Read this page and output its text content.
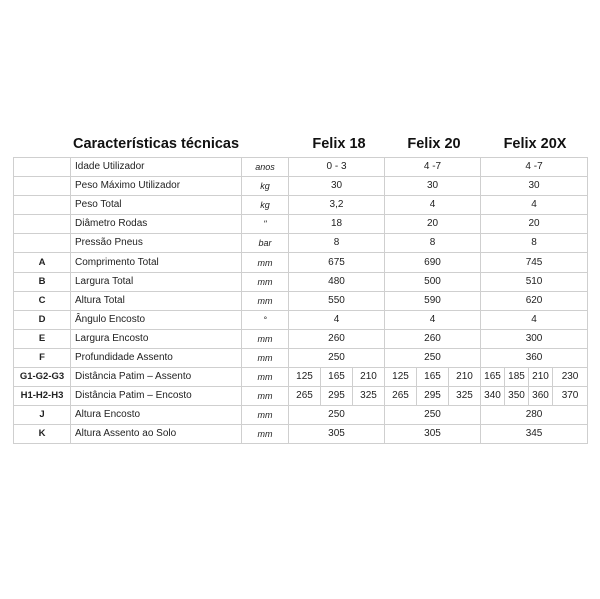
Características técnicas	Felix 18	Felix 20	Felix 20X
	Idade Utilizador	anos	0 - 3			4 -7			4 -7			
	Peso Máximo Utilizador	kg	30			30			30			
	Peso Total	kg	3,2			4			4			
	Diâmetro Rodas	"	18			20			20			
	Pressão Pneus	bar	8			8			8			
A	Comprimento Total	mm	675			690			745			
B	Largura Total	mm	480			500			510			
C	Altura Total	mm	550			590			620			
D	Ângulo Encosto	°	4			4			4			
E	Largura Encosto	mm	260			260			300			
F	Profundidade Assento	mm	250			250			360			
G1-G2-G3	Distância Patim – Assento	mm	125	165	210	125	165	210	165	185	210	230
H1-H2-H3	Distância Patim – Encosto	mm	265	295	325	265	295	325	340	350	360	370
J	Altura Encosto	mm	250			250			280			
K	Altura Assento ao Solo	mm	305			305			345			
